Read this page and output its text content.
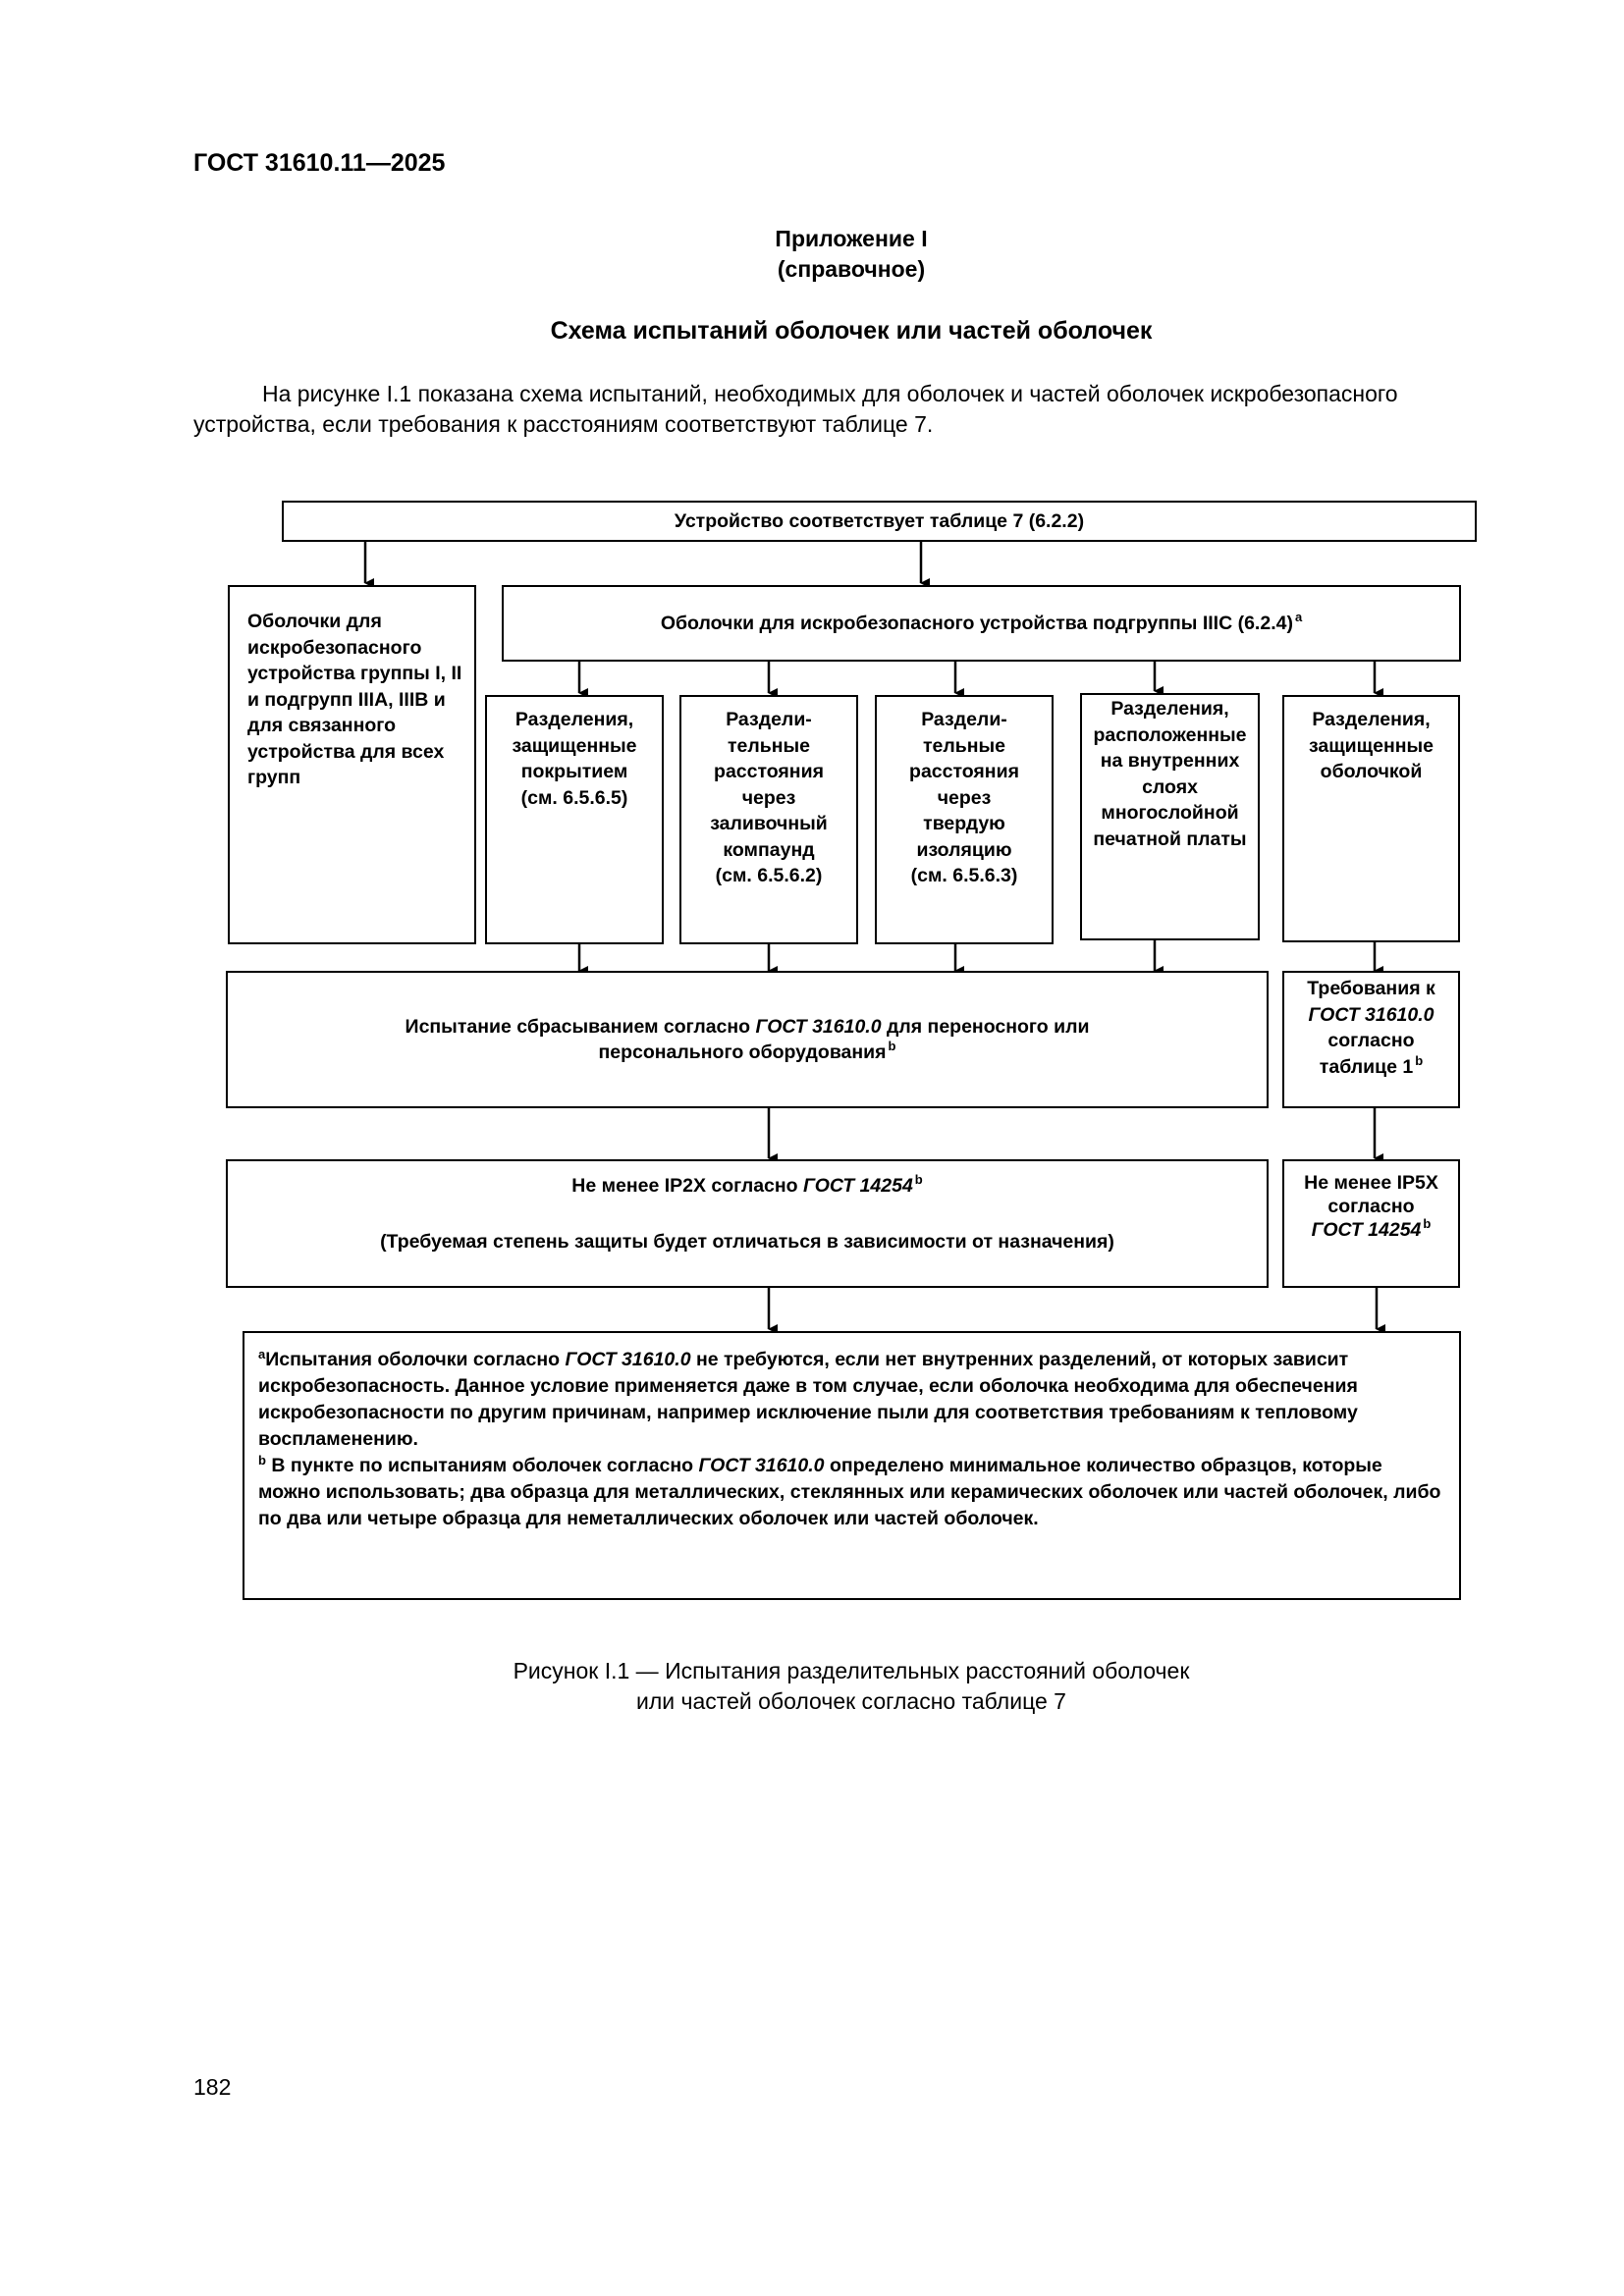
ГОСТ 31610.11—2025
Приложение I
(справочное)
Схема испытаний оболочек или частей оболочек
На рисунке I.1 показана схема испытаний, необходимых для оболочек и частей оболочек искробезопасного устройства, если требования к расстояниям соответствуют таблице 7.
Устройство соответствует таблице 7 (6.2.2)
Оболочки для искробезопасного устройства группы I, II и подгрупп IIIA, IIIB и для связанного устройства для всех групп
Оболочки для искробезопасного устройства подгруппы IIIC (6.2.4) $^a$
Разделения,
защищенные
покрытием
(см. 6.5.6.5)
Раздели-
тельные
расстояния
через
заливочный
компаунд
(см. 6.5.6.2)
Раздели-
тельные
расстояния
через
твердую
изоляцию
(см. 6.5.6.3)
Разделения,
расположенные
на внутренних
слоях
многослойной
печатной платы
Разделения,
защищенные
оболочкой
Испытание сбрасыванием согласно ГОСТ 31610.0 для переносного или
персонального оборудования $^b$
Требования к
ГОСТ 31610.0
согласно
таблице 1 $^b$
Не менее IP2X согласно ГОСТ 14254 $^b$
(Требуемая степень защиты будет отличаться в зависимости от назначения)
Не менее IP5X
согласно
ГОСТ 14254 $^b$

$^a$Испытания оболочки согласно ГОСТ 31610.0 не требуются, если нет внутренних разделений, от которых зависит искробезопасность. Данное условие применяется даже в том случае, если оболочка необходима для обеспечения искробезопасности по другим причинам, например исключение пыли для соответствия требованиям к тепловому воспламенению.

$^b$ В пункте по испытаниям оболочек согласно ГОСТ 31610.0 определено минимальное количество образцов, которые можно использовать; два образца для металлических, стеклянных или керамических оболочек или частей оболочек, либо по два или четыре образца для неметаллических оболочек или частей оболочек.

Рисунок I.1 — Испытания разделительных расстояний оболочек
или частей оболочек согласно таблице 7
182
